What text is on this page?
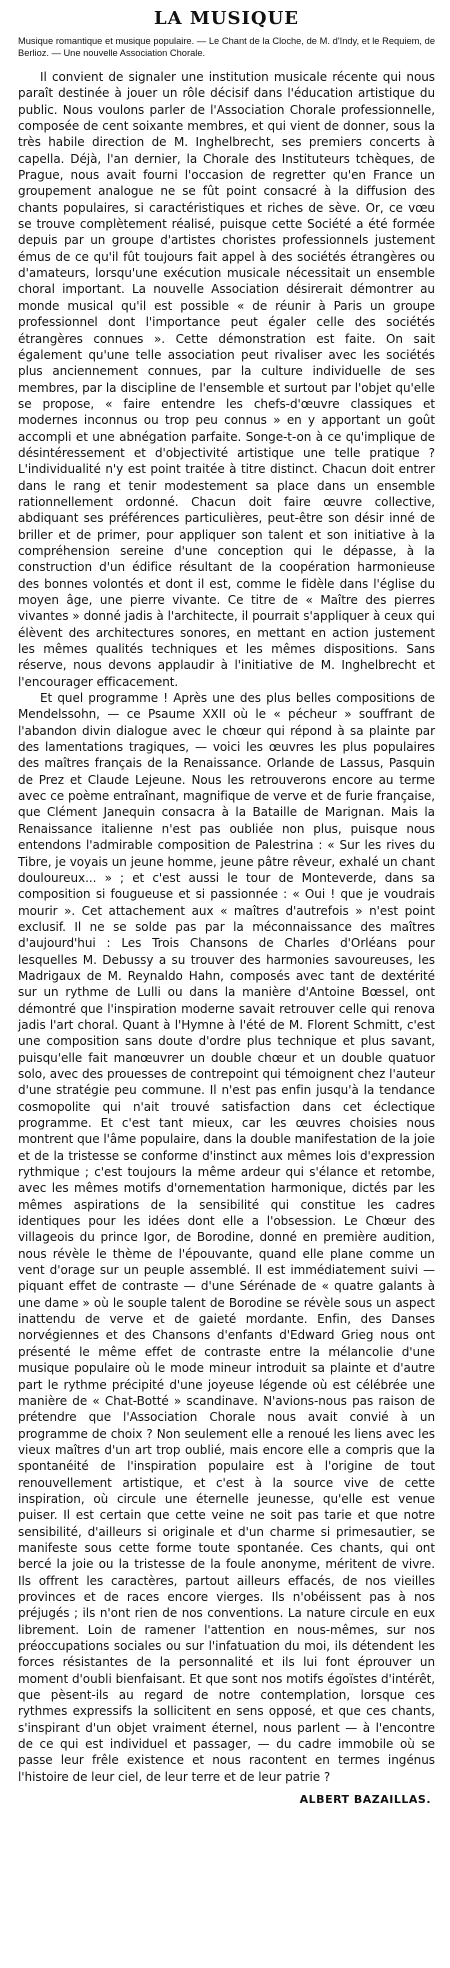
LA MUSIQUE

Musique romantique et musique populaire. — Le Chant de la Cloche, de M. d'Indy, et le Requiem, de Berlioz. — Une nouvelle Association Chorale.

Il convient de signaler une institution musicale récente qui nous paraît destinée à jouer un rôle décisif dans l'éducation artistique du public. Nous voulons parler de l'Association Chorale professionnelle, composée de cent soixante membres, et qui vient de donner, sous la très habile direction de M. Inghelbrecht, ses premiers concerts à capella. Déjà, l'an dernier, la Chorale des Instituteurs tchèques, de Prague, nous avait fourni l'occasion de regretter qu'en France un groupement analogue ne se fût point consacré à la diffusion des chants populaires, si caractéristiques et riches de sève. Or, ce vœu se trouve complètement réalisé, puisque cette Société a été formée depuis par un groupe d'artistes choristes professionnels justement émus de ce qu'il fût toujours fait appel à des sociétés étrangères ou d'amateurs, lorsqu'une exécution musicale nécessitait un ensemble choral important. La nouvelle Association désirerait démontrer au monde musical qu'il est possible « de réunir à Paris un groupe professionnel dont l'importance peut égaler celle des sociétés étrangères connues ». Cette démonstration est faite. On sait également qu'une telle association peut rivaliser avec les sociétés plus anciennement connues, par la culture individuelle de ses membres, par la discipline de l'ensemble et surtout par l'objet qu'elle se propose, « faire entendre les chefs-d'œuvre classiques et modernes inconnus ou trop peu connus » en y apportant un goût accompli et une abnégation parfaite. Songe-t-on à ce qu'implique de désintéressement et d'objectivité artistique une telle pratique ? L'individualité n'y est point traitée à titre distinct. Chacun doit entrer dans le rang et tenir modestement sa place dans un ensemble rationnellement ordonné. Chacun doit faire œuvre collective, abdiquant ses préférences particulières, peut-être son désir inné de briller et de primer, pour appliquer son talent et son initiative à la compréhension sereine d'une conception qui le dépasse, à la construction d'un édifice résultant de la coopération harmonieuse des bonnes volontés et dont il est, comme le fidèle dans l'église du moyen âge, une pierre vivante. Ce titre de « Maître des pierres vivantes » donné jadis à l'architecte, il pourrait s'appliquer à ceux qui élèvent des architectures sonores, en mettant en action justement les mêmes qualités techniques et les mêmes dispositions. Sans réserve, nous devons applaudir à l'initiative de M. Inghelbrecht et l'encourager efficacement.

Et quel programme ! Après une des plus belles compositions de Mendelssohn, — ce Psaume XXII où le « pécheur » souffrant de l'abandon divin dialogue avec le chœur qui répond à sa plainte par des lamentations tragiques, — voici les œuvres les plus populaires des maîtres français de la Renaissance. Orlande de Lassus, Pasquin de Prez et Claude Lejeune. Nous les retrouverons encore au terme avec ce poème entraînant, magnifique de verve et de furie française, que Clément Janequin consacra à la Bataille de Marignan. Mais la Renaissance italienne n'est pas oubliée non plus, puisque nous entendons l'admirable composition de Palestrina : « Sur les rives du Tibre, je voyais un jeune homme, jeune pâtre rêveur, exhalé un chant douloureux... » ; et c'est aussi le tour de Monteverde, dans sa composition si fougueuse et si passionnée : « Oui ! que je voudrais mourir ». Cet attachement aux « maîtres d'autrefois » n'est point exclusif. Il ne se solde pas par la méconnaissance des maîtres d'aujourd'hui : Les Trois Chansons de Charles d'Orléans pour lesquelles M. Debussy a su trouver des harmonies savoureuses, les Madrigaux de M. Reynaldo Hahn, composés avec tant de dextérité sur un rythme de Lulli ou dans la manière d'Antoine Bœssel, ont démontré que l'inspiration moderne savait retrouver celle qui renova jadis l'art choral. Quant à l'Hymne à l'été de M. Florent Schmitt, c'est une composition sans doute d'ordre plus technique et plus savant, puisqu'elle fait manœuvrer un double chœur et un double quatuor solo, avec des prouesses de contrepoint qui témoignent chez l'auteur d'une stratégie peu commune. Il n'est pas enfin jusqu'à la tendance cosmopolite qui n'ait trouvé satisfaction dans cet éclectique programme. Et c'est tant mieux, car les œuvres choisies nous montrent que l'âme populaire, dans la double manifestation de la joie et de la tristesse se conforme d'instinct aux mêmes lois d'expression rythmique ; c'est toujours la même ardeur qui s'élance et retombe, avec les mêmes motifs d'ornementation harmonique, dictés par les mêmes aspirations de la sensibilité qui constitue les cadres identiques pour les idées dont elle a l'obsession. Le Chœur des villageois du prince Igor, de Borodine, donné en première audition, nous révèle le thème de l'épouvante, quand elle plane comme un vent d'orage sur un peuple assemblé. Il est immédiatement suivi — piquant effet de contraste — d'une Sérénade de « quatre galants à une dame » où le souple talent de Borodine se révèle sous un aspect inattendu de verve et de gaieté mordante. Enfin, des Danses norvégiennes et des Chansons d'enfants d'Edward Grieg nous ont présenté le même effet de contraste entre la mélancolie d'une musique populaire où le mode mineur introduit sa plainte et d'autre part le rythme précipité d'une joyeuse légende où est célébrée une manière de « Chat-Botté » scandinave. N'avions-nous pas raison de prétendre que l'Association Chorale nous avait convié à un programme de choix ? Non seulement elle a renoué les liens avec les vieux maîtres d'un art trop oublié, mais encore elle a compris que la spontanéité de l'inspiration populaire est à l'origine de tout renouvellement artistique, et c'est à la source vive de cette inspiration, où circule une éternelle jeunesse, qu'elle est venue puiser. Il est certain que cette veine ne soit pas tarie et que notre sensibilité, d'ailleurs si originale et d'un charme si primesautier, se manifeste sous cette forme toute spontanée. Ces chants, qui ont bercé la joie ou la tristesse de la foule anonyme, méritent de vivre. Ils offrent les caractères, partout ailleurs effacés, de nos vieilles provinces et de races encore vierges. Ils n'obéissent pas à nos préjugés ; ils n'ont rien de nos conventions. La nature circule en eux librement. Loin de ramener l'attention en nous-mêmes, sur nos préoccupations sociales ou sur l'infatuation du moi, ils détendent les forces résistantes de la personnalité et ils lui font éprouver un moment d'oubli bienfaisant. Et que sont nos motifs égoïstes d'intérêt, que pèsent-ils au regard de notre contemplation, lorsque ces rythmes expressifs la sollicitent en sens opposé, et que ces chants, s'inspirant d'un objet vraiment éternel, nous parlent — à l'encontre de ce qui est individuel et passager, — du cadre immobile où se passe leur frêle existence et nous racontent en termes ingénus l'histoire de leur ciel, de leur terre et de leur patrie ?

ALBERT BAZAILLAS.
